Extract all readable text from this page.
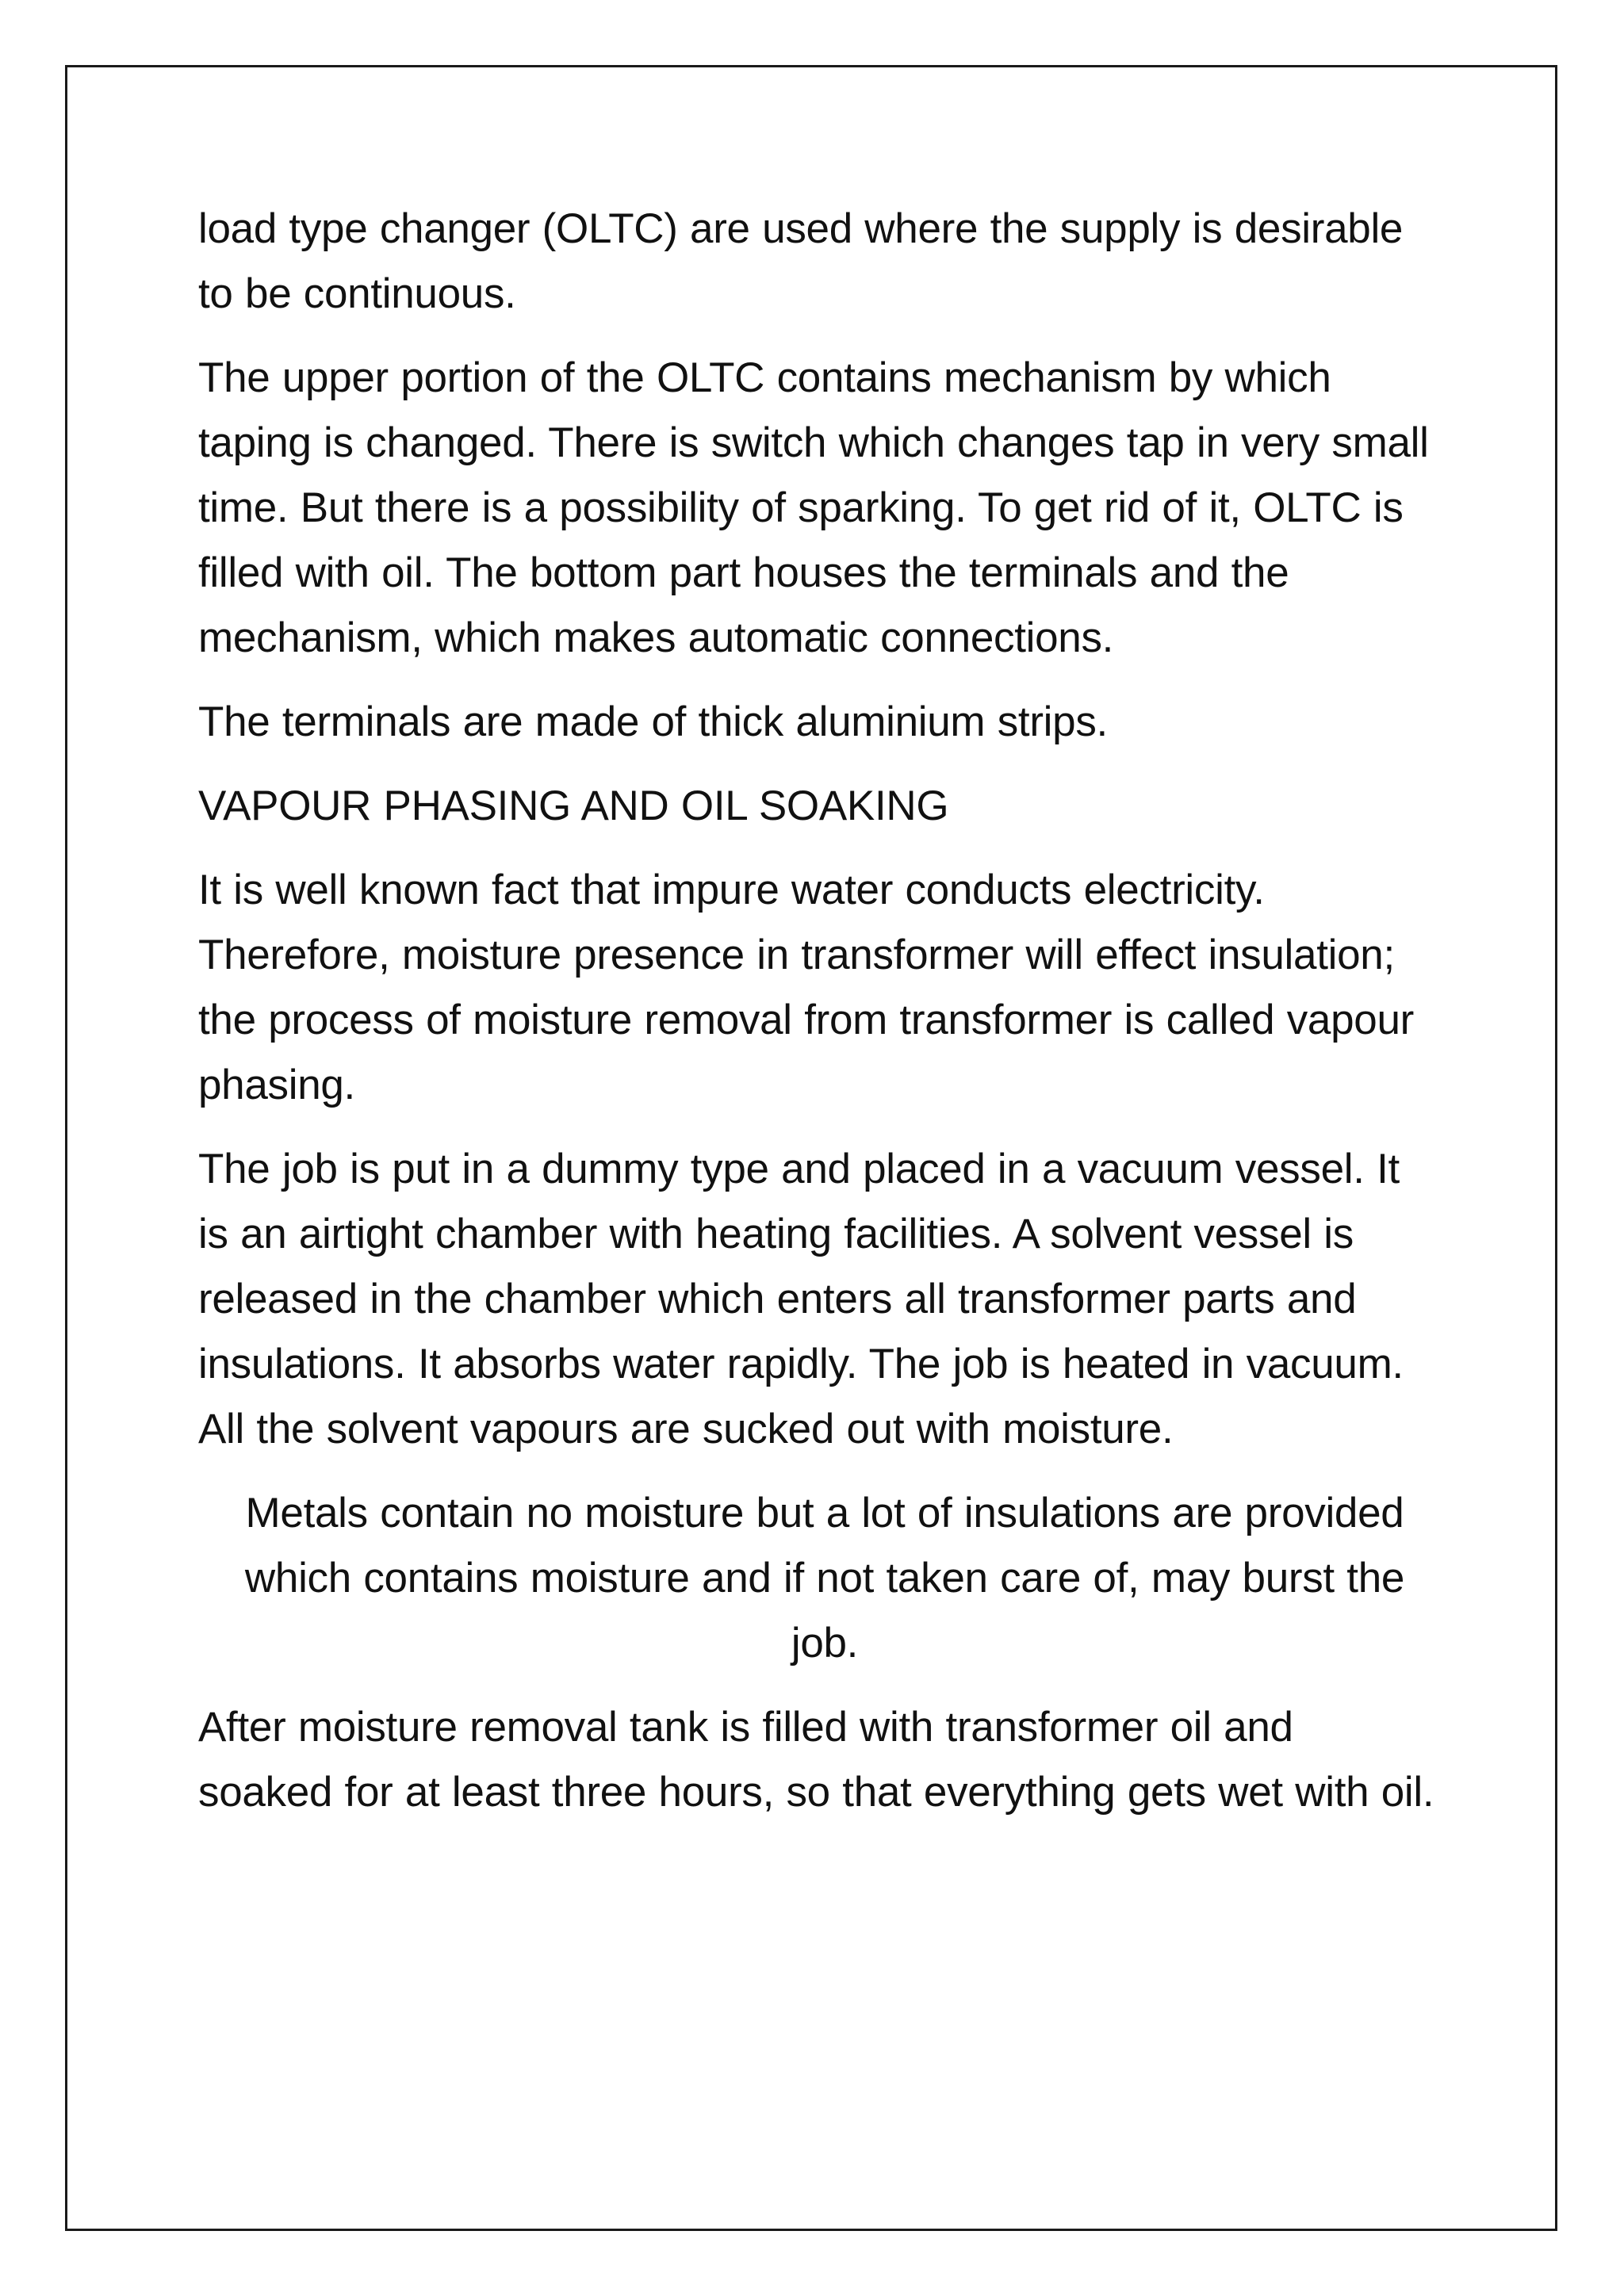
load type changer (OLTC) are used where the supply is desirable to be continuous.

The upper portion of the OLTC contains mechanism by which taping is changed. There is switch which changes tap in very small time. But there is a possibility of sparking. To get rid of it, OLTC is filled with oil. The bottom part houses the terminals and the mechanism, which makes automatic connections.

The terminals are made of thick aluminium strips.

VAPOUR PHASING AND OIL SOAKING

It is well known fact that impure water conducts electricity. Therefore, moisture presence in transformer will effect insulation; the process of moisture removal from transformer is called vapour phasing.

The job is put in a dummy type and placed in a vacuum vessel. It is an airtight chamber with heating facilities. A solvent vessel is released in the chamber which enters all transformer parts and insulations. It absorbs water rapidly. The job is heated in vacuum. All the solvent vapours are sucked out with moisture.

Metals contain no moisture but a lot of insulations are provided which contains moisture and if not taken care of, may burst the job.

After moisture removal tank is filled with transformer oil and soaked for at least three hours, so that everything gets wet with oil.
